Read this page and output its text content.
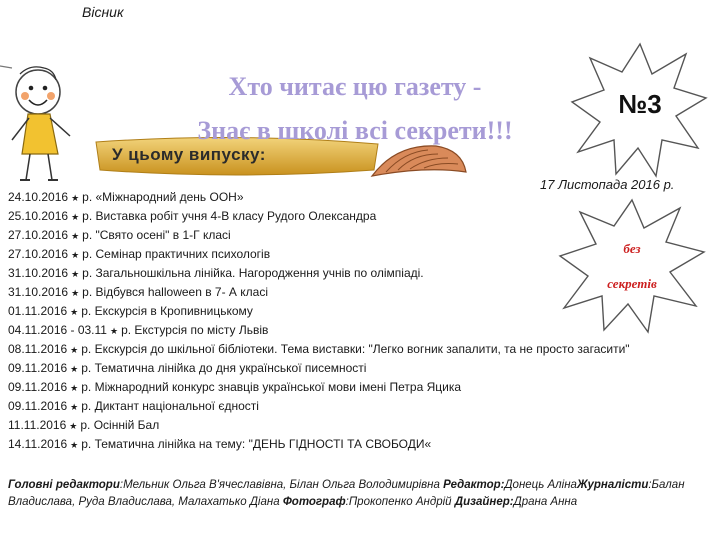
Вісник
Хто читає цю газету -
У цьому випуску:
Знає в школі всі секрети!!!
№3
17 Листопада 2016 р.
без
секретів
24.10.2016 ★ р. «Міжнародний день ООН»
25.10.2016 ★ р. Виставка робіт учня 4-В класу Рудого Олександра
27.10.2016 ★ р. "Свято осені" в 1-Г класі
27.10.2016 ★ р. Семінар практичних психологів
31.10.2016 ★ р. Загальношкільна лінійка. Нагородження учнів по олімпіаді.
31.10.2016 ★ р. Відбувся halloween в 7- А класі
01.11.2016 ★ р. Екскурсія в Кропивницькому
04.11.2016 - 03.11 ★ р. Екстурсія по місту Львів
08.11.2016 ★ р. Екскурсія до шкільної бібліотеки. Тема виставки: "Легко вогник запалити, та не просто загасити"
09.11.2016 ★ р. Тематична лінійка до дня української писемності
09.11.2016 ★ р. Міжнародний конкурс знавців української мови імені Петра Яцика
09.11.2016 ★ р. Диктант національної єдності
11.11.2016 ★ р. Осінній Бал
14.11.2016 ★ р. Тематична лінійка на тему: "ДЕНЬ ГІДНОСТІ ТА СВОБОДИ«
Головні редактори:Мельник Ольга В'ячеславівна, Білан Ольга Володимирівна Редактор:Донець АлінаЖурналісти:Балан Владислава, Руда Владислава, Малахатько Діана Фотограф:Прокопенко Андрій Дизайнер:Драна Анна
